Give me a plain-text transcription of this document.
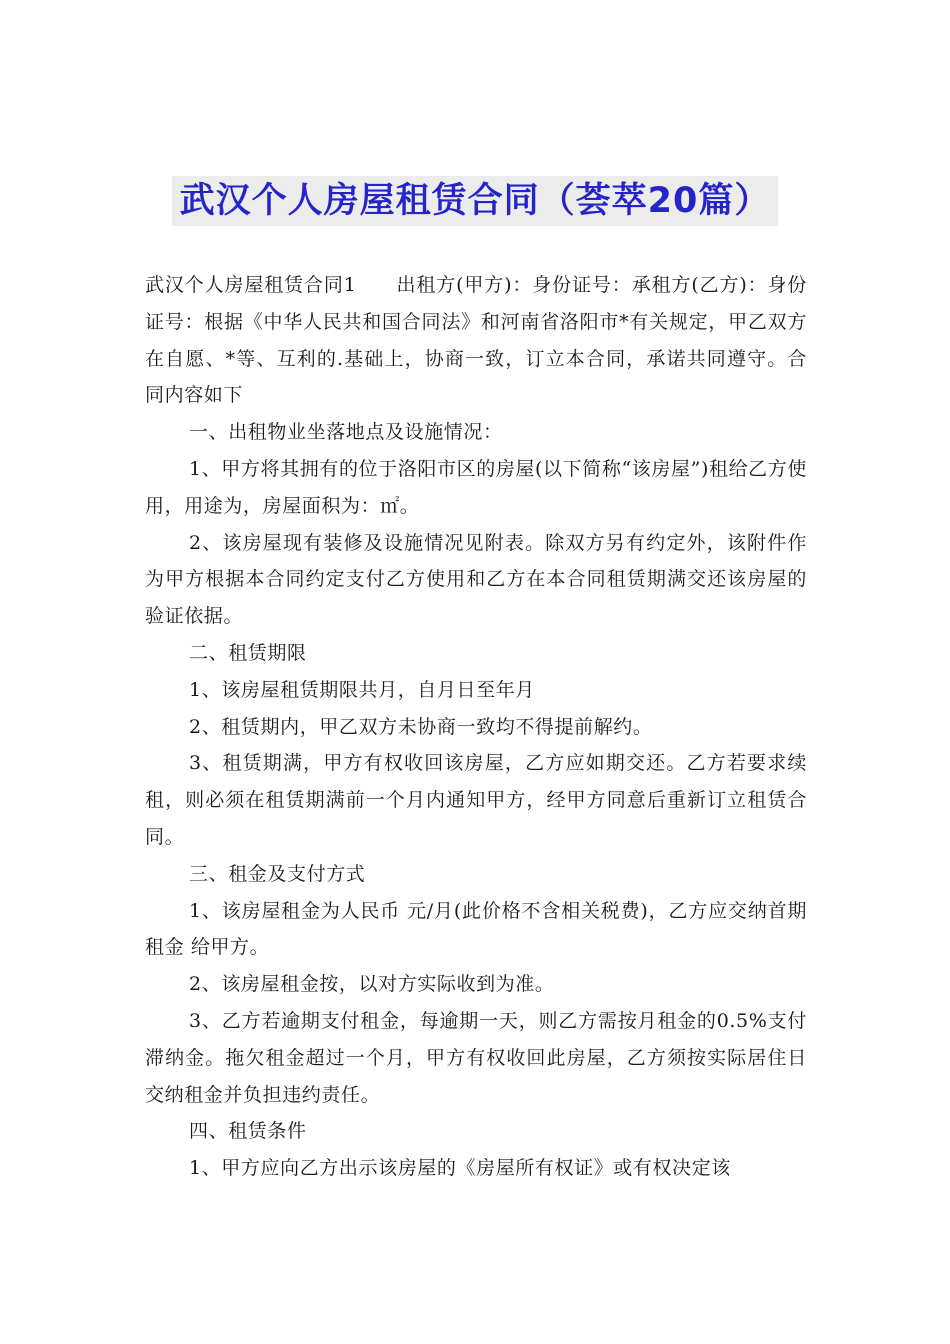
武汉个人房屋租赁合同（荟萃20篇）

武汉个人房屋租赁合同1　　出租方(甲方)：身份证号：承租方(乙方)：身份证号：根据《中华人民共和国合同法》和河南省洛阳市*有关规定，甲乙双方在自愿、*等、互利的.基础上，协商一致，订立本合同，承诺共同遵守。合同内容如下

一、出租物业坐落地点及设施情况：

1、甲方将其拥有的位于洛阳市区的房屋(以下简称“该房屋”)租给乙方使用，用途为，房屋面积为：㎡。

2、该房屋现有装修及设施情况见附表。除双方另有约定外，该附件作为甲方根据本合同约定支付乙方使用和乙方在本合同租赁期满交还该房屋的验证依据。

二、租赁期限

1、该房屋租赁期限共月，自月日至年月

2、租赁期内，甲乙双方未协商一致均不得提前解约。

3、租赁期满，甲方有权收回该房屋，乙方应如期交还。乙方若要求续租，则必须在租赁期满前一个月内通知甲方，经甲方同意后重新订立租赁合同。

三、租金及支付方式

1、该房屋租金为人民币 元/月(此价格不含相关税费)，乙方应交纳首期租金 给甲方。

2、该房屋租金按，以对方实际收到为准。

3、乙方若逾期支付租金，每逾期一天，则乙方需按月租金的0.5%支付滞纳金。拖欠租金超过一个月，甲方有权收回此房屋，乙方须按实际居住日交纳租金并负担违约责任。

四、租赁条件

1、甲方应向乙方出示该房屋的《房屋所有权证》或有权决定该
